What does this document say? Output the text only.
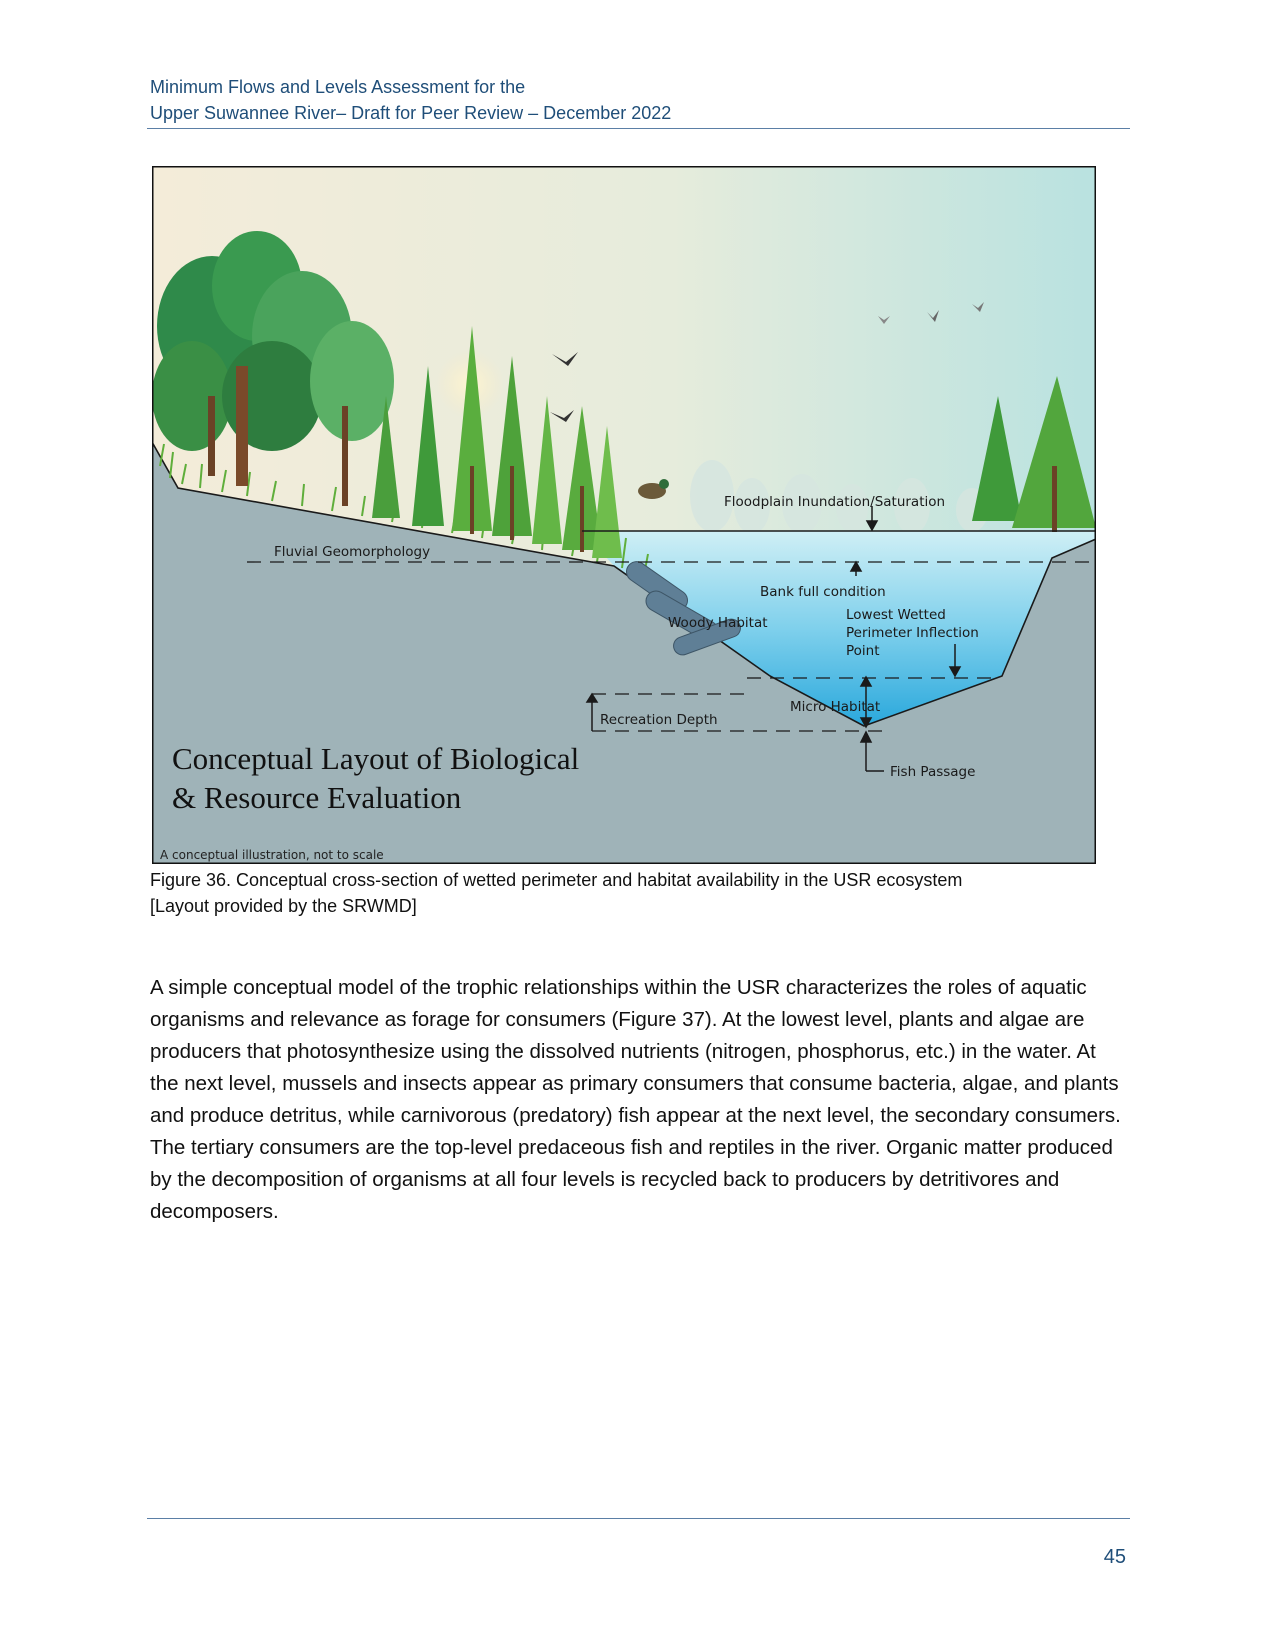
Minimum Flows and Levels Assessment for the
Upper Suwannee River– Draft for Peer Review – December 2022
Floodplain Inundation/Saturation
Fluvial Geomorphology
Bank full condition
Woody Habitat	Lowest Wetted
Perimeter Inflection
Point
Micro Habitat
Recreation Depth
Fish Passage
Conceptual Layout of Biological
& Resource Evaluation
A conceptual illustration, not to scale
Figure 36. Conceptual cross-section of wetted perimeter and habitat availability in the USR ecosystem
[Layout provided by the SRWMD]

A simple conceptual model of the trophic relationships within the USR characterizes the roles of aquatic organisms and relevance as forage for consumers (Figure 37). At the lowest level, plants and algae are producers that photosynthesize using the dissolved nutrients (nitrogen, phosphorus, etc.) in the water. At the next level, mussels and insects appear as primary consumers that consume bacteria, algae, and plants and produce detritus, while carnivorous (predatory) fish appear at the next level, the secondary consumers. The tertiary consumers are the top-level predaceous fish and reptiles in the river. Organic matter produced by the decomposition of organisms at all four levels is recycled back to producers by detritivores and decomposers.

45
